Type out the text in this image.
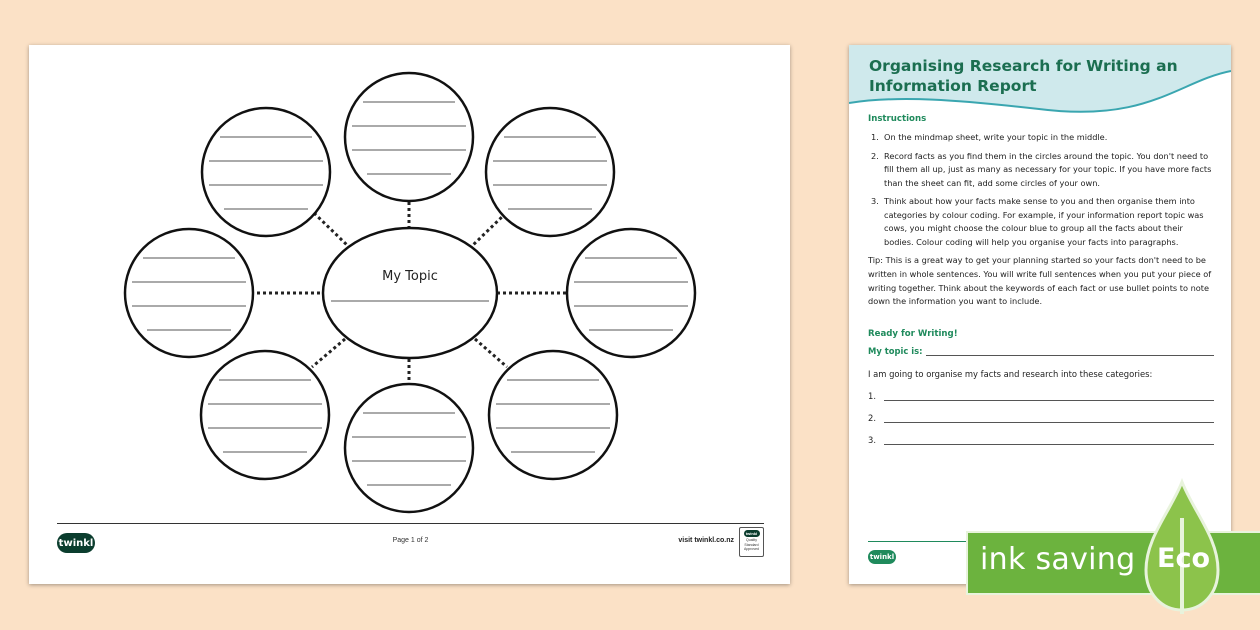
My Topic
twinkl	Page 1 of 2	visit twinkl.co.nz
twinkl
Quality Standard Approved
Organising Research for Writing an Information Report
Instructions
1. On the mindmap sheet, write your topic in the middle.
2. Record facts as you find them in the circles around the topic. You don't need to fill them all up, just as many as necessary for your topic. If you have more facts than the sheet can fit, add some circles of your own.
3. Think about how your facts make sense to you and then organise them into categories by colour coding. For example, if your information report topic was cows, you might choose the colour blue to group all the facts about their bodies. Colour coding will help you organise your facts into paragraphs.
Tip: This is a great way to get your planning started so your facts don't need to be written in whole sentences. You will write full sentences when you put your piece of writing together. Think about the keywords of each fact or use bullet points to note down the information you want to include.
Ready for Writing!
My topic is:
I am going to organise my facts and research into these categories:
1.
2.
3.
twinkl	ink saving Eco
